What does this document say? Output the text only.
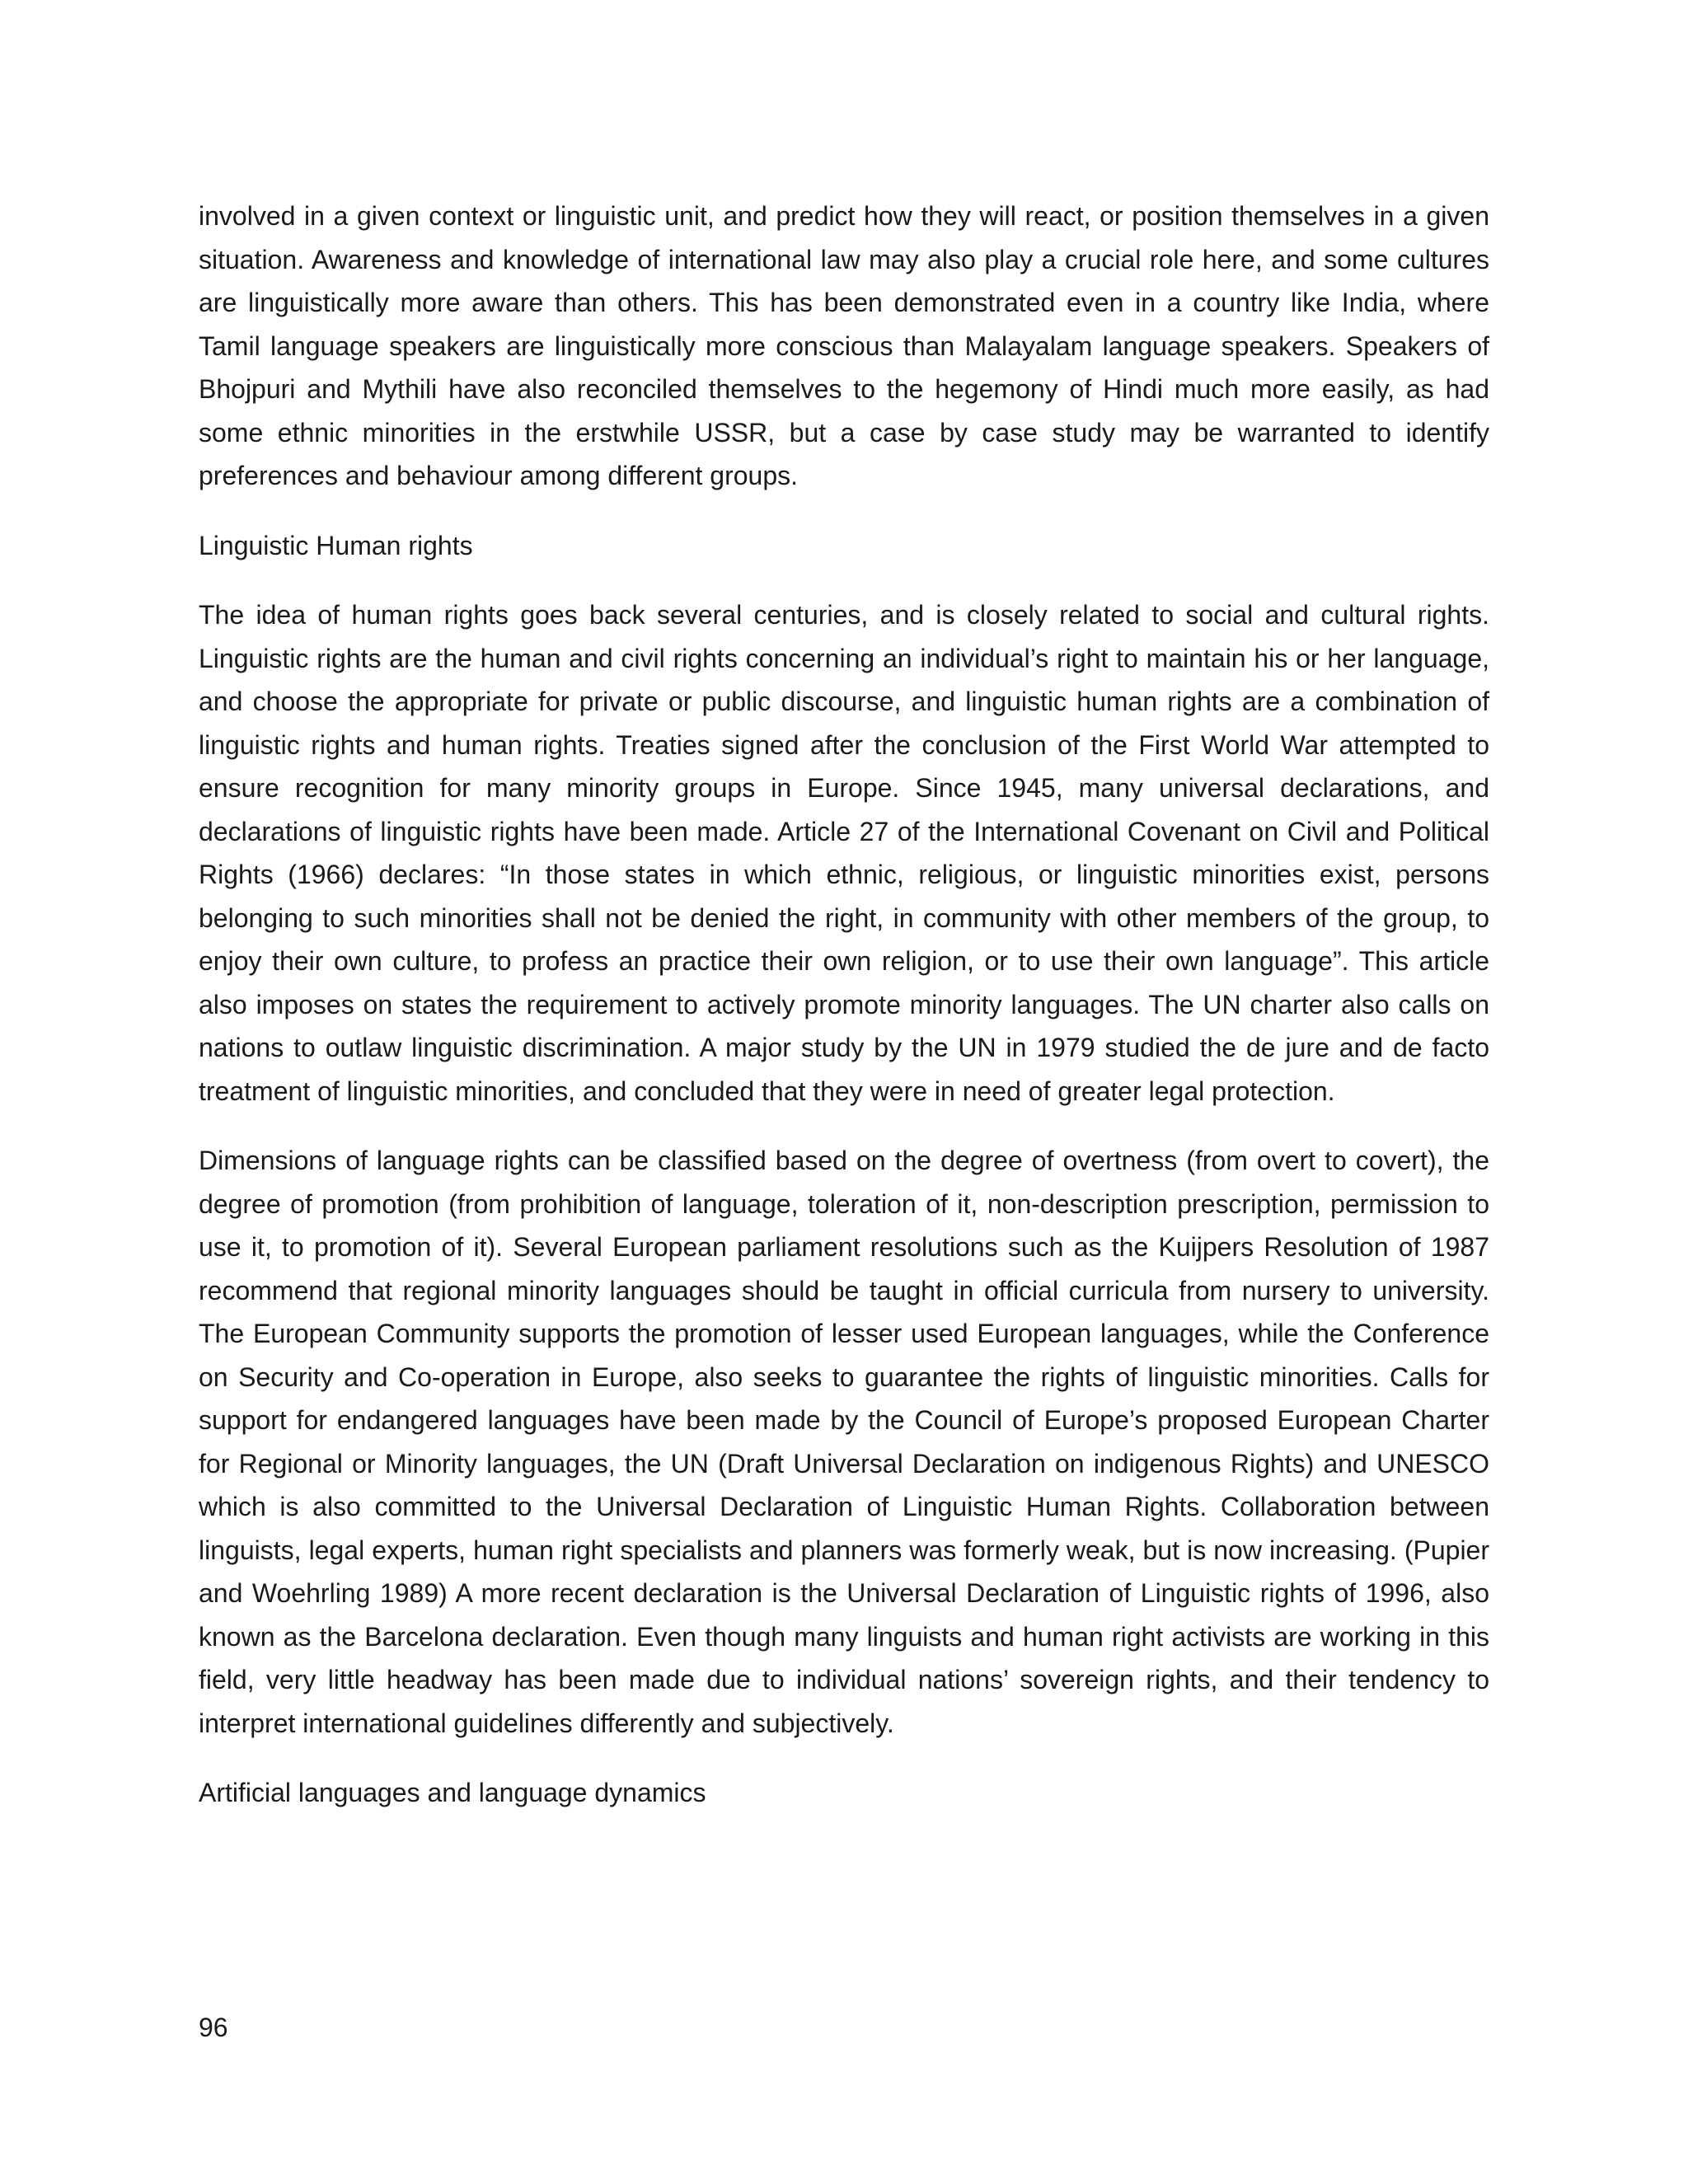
involved in a given context or linguistic unit, and predict how they will react, or position themselves in a given situation. Awareness and knowledge of international law may also play a crucial role here, and some cultures are linguistically more aware than others. This has been demonstrated even in a country like India, where Tamil language speakers are linguistically more conscious than Malayalam language speakers. Speakers of Bhojpuri and Mythili have also reconciled themselves to the hegemony of Hindi much more easily, as had some ethnic minorities in the erstwhile USSR, but a case by case study may be warranted to identify preferences and behaviour among different groups.

Linguistic Human rights

The idea of human rights goes back several centuries, and is closely related to social and cultural rights. Linguistic rights are the human and civil rights concerning an individual’s right to maintain his or her language, and choose the appropriate for private or public discourse, and linguistic human rights are a combination of linguistic rights and human rights. Treaties signed after the conclusion of the First World War attempted to ensure recognition for many minority groups in Europe. Since 1945, many universal declarations, and declarations of linguistic rights have been made. Article 27 of the International Covenant on Civil and Political Rights (1966) declares: “In those states in which ethnic, religious, or linguistic minorities exist, persons belonging to such minorities shall not be denied the right, in community with other members of the group, to enjoy their own culture, to profess an practice their own religion, or to use their own language”. This article also imposes on states the requirement to actively promote minority languages. The UN charter also calls on nations to outlaw linguistic discrimination. A major study by the UN in 1979 studied the de jure and de facto treatment of linguistic minorities, and concluded that they were in need of greater legal protection.

Dimensions of language rights can be classified based on the degree of overtness (from overt to covert), the degree of promotion (from prohibition of language, toleration of it, non-description prescription, permission to use it, to promotion of it). Several European parliament resolutions such as the Kuijpers Resolution of 1987 recommend that regional minority languages should be taught in official curricula from nursery to university. The European Community supports the promotion of lesser used European languages, while the Conference on Security and Co-operation in Europe, also seeks to guarantee the rights of linguistic minorities. Calls for support for endangered languages have been made by the Council of Europe’s proposed European Charter for Regional or Minority languages, the UN (Draft Universal Declaration on indigenous Rights) and UNESCO which is also committed to the Universal Declaration of Linguistic Human Rights. Collaboration between linguists, legal experts, human right specialists and planners was formerly weak, but is now increasing. (Pupier and Woehrling 1989) A more recent declaration is the Universal Declaration of Linguistic rights of 1996, also known as the Barcelona declaration. Even though many linguists and human right activists are working in this field, very little headway has been made due to individual nations’ sovereign rights, and their tendency to interpret international guidelines differently and subjectively.

Artificial languages and language dynamics

96
